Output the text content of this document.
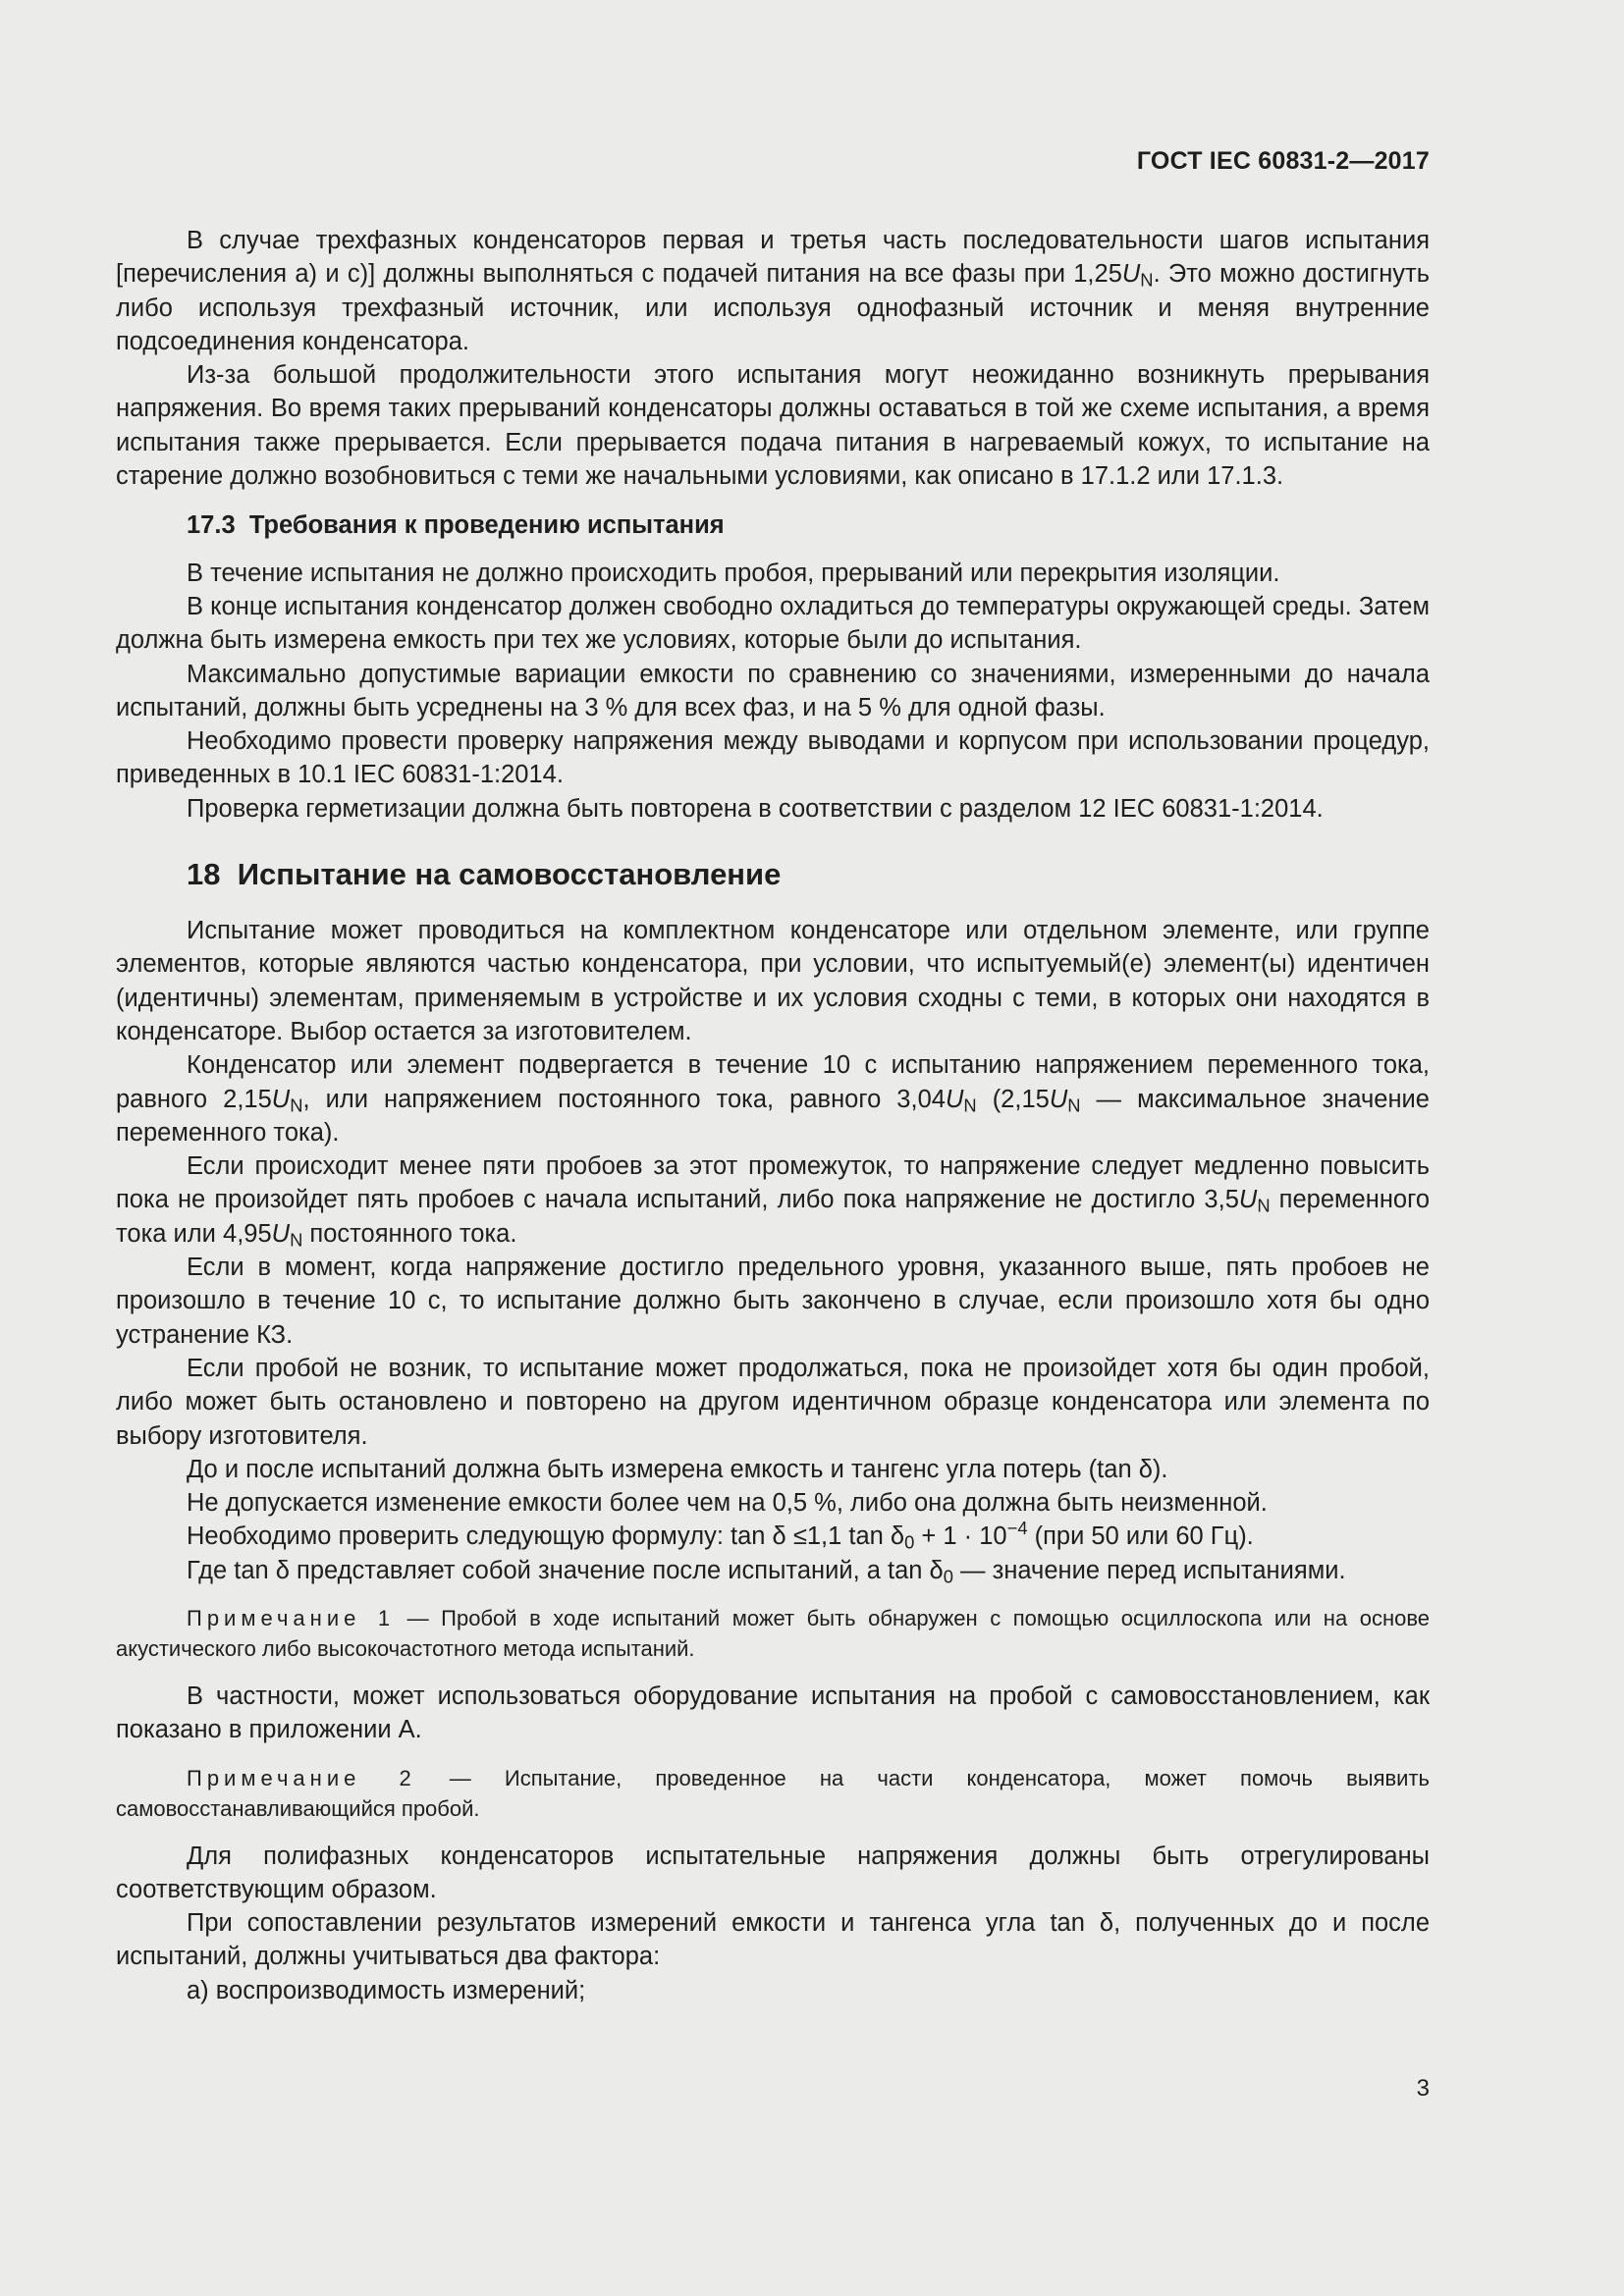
ГОСТ IEC 60831-2—2017

В случае трехфазных конденсаторов первая и третья часть последовательности шагов испытания [перечисления а) и с)] должны выполняться с подачей питания на все фазы при $1,25U_N$. Это можно достигнуть либо используя трехфазный источник, или используя однофазный источник и меняя внутренние подсоединения конденсатора.

Из-за большой продолжительности этого испытания могут неожиданно возникнуть прерывания напряжения. Во время таких прерываний конденсаторы должны оставаться в той же схеме испытания, а время испытания также прерывается. Если прерывается подача питания в нагреваемый кожух, то испытание на старение должно возобновиться с теми же начальными условиями, как описано в 17.1.2 или 17.1.3.

17.3 Требования к проведению испытания

В течение испытания не должно происходить пробоя, прерываний или перекрытия изоляции.

В конце испытания конденсатор должен свободно охладиться до температуры окружающей среды. Затем должна быть измерена емкость при тех же условиях, которые были до испытания.

Максимально допустимые вариации емкости по сравнению со значениями, измеренными до начала испытаний, должны быть усреднены на 3 % для всех фаз, и на 5 % для одной фазы.

Необходимо провести проверку напряжения между выводами и корпусом при использовании процедур, приведенных в 10.1 IEC 60831-1:2014.

Проверка герметизации должна быть повторена в соответствии с разделом 12 IEC 60831-1:2014.

18 Испытание на самовосстановление

Испытание может проводиться на комплектном конденсаторе или отдельном элементе, или группе элементов, которые являются частью конденсатора, при условии, что испытуемый(е) элемент(ы) идентичен (идентичны) элементам, применяемым в устройстве и их условия сходны с теми, в которых они находятся в конденсаторе. Выбор остается за изготовителем.

Конденсатор или элемент подвергается в течение 10 с испытанию напряжением переменного тока, равного $2,15U_N$, или напряжением постоянного тока, равного $3,04U_N$ ($2,15U_N$ — максимальное значение переменного тока).

Если происходит менее пяти пробоев за этот промежуток, то напряжение следует медленно повысить пока не произойдет пять пробоев с начала испытаний, либо пока напряжение не достигло $3,5U_N$ переменного тока или $4,95U_N$ постоянного тока.

Если в момент, когда напряжение достигло предельного уровня, указанного выше, пять пробоев не произошло в течение 10 с, то испытание должно быть закончено в случае, если произошло хотя бы одно устранение КЗ.

Если пробой не возник, то испытание может продолжаться, пока не произойдет хотя бы один пробой, либо может быть остановлено и повторено на другом идентичном образце конденсатора или элемента по выбору изготовителя.

До и после испытаний должна быть измерена емкость и тангенс угла потерь (tan δ).

Не допускается изменение емкости более чем на 0,5 %, либо она должна быть неизменной.

Необходимо проверить следующую формулу: tan δ ≤1,1 $\tan \delta_0 + 1 \cdot 10^{-4}$ (при 50 или 60 Гц).

Где tan δ представляет собой значение после испытаний, а $\tan \delta_0$ — значение перед испытаниями.

Примечание 1 — Пробой в ходе испытаний может быть обнаружен с помощью осциллоскопа или на основе акустического либо высокочастотного метода испытаний.

В частности, может использоваться оборудование испытания на пробой с самовосстановлением, как показано в приложении А.

Примечание 2 — Испытание, проведенное на части конденсатора, может помочь выявить самовосстанавливающийся пробой.

Для полифазных конденсаторов испытательные напряжения должны быть отрегулированы соответствующим образом.

При сопоставлении результатов измерений емкости и тангенса угла tan δ, полученных до и после испытаний, должны учитываться два фактора:

а) воспроизводимость измерений;

3
